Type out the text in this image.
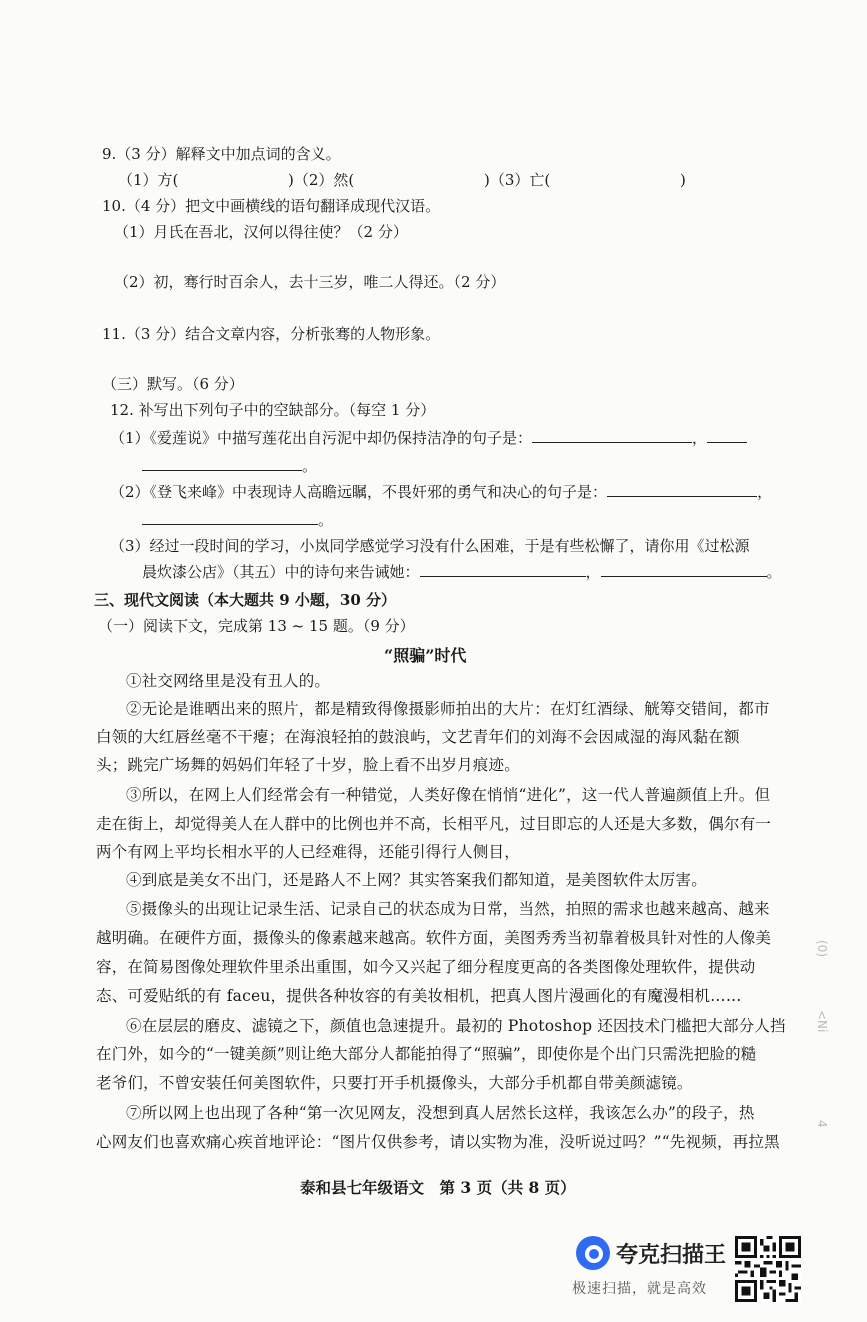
9.（3 分）解释文中加点词的含义。
（1）方(	)（2）然(	)（3）亡(	)
10.（4 分）把文中画横线的语句翻译成现代汉语。
（1）月氏在吾北，汉何以得往使？（2 分）
（2）初，骞行时百余人，去十三岁，唯二人得还。（2 分）
11.（3 分）结合文章内容，分析张骞的人物形象。
（三）默写。（6 分）
12. 补写出下列句子中的空缺部分。（每空 1 分）
（1）《爱莲说》中描写莲花出自污泥中却仍保持洁净的句子是：	，
。
（2）《登飞来峰》中表现诗人高瞻远瞩，不畏奸邪的勇气和决心的句子是：	，
。
（3）经过一段时间的学习，小岚同学感觉学习没有什么困难，于是有些松懈了，请你用《过松源
晨炊漆公店》（其五）中的诗句来告诫她：	，	。
三、现代文阅读（本大题共 9 小题，30 分）
（一）阅读下文，完成第 13 ~ 15 题。（9 分）
“照骗”时代
①社交网络里是没有丑人的。
②无论是谁晒出来的照片，都是精致得像摄影师拍出的大片：在灯红酒绿、觥筹交错间，都市
白领的大红唇丝毫不干瘪；在海浪轻拍的鼓浪屿，文艺青年们的刘海不会因咸湿的海风黏在额
头；跳完广场舞的妈妈们年轻了十岁，脸上看不出岁月痕迹。
③所以，在网上人们经常会有一种错觉，人类好像在悄悄“进化”，这一代人普遍颜值上升。但
走在街上，却觉得美人在人群中的比例也并不高，长相平凡，过目即忘的人还是大多数，偶尔有一
两个有网上平均长相水平的人已经难得，还能引得行人侧目，
④到底是美女不出门，还是路人不上网？其实答案我们都知道，是美图软件太厉害。
⑤摄像头的出现让记录生活、记录自己的状态成为日常，当然，拍照的需求也越来越高、越来
越明确。在硬件方面，摄像头的像素越来越高。软件方面，美图秀秀当初靠着极具针对性的人像美
容，在简易图像处理软件里杀出重围，如今又兴起了细分程度更高的各类图像处理软件，提供动
态、可爱贴纸的有 faceu，提供各种妆容的有美妆相机，把真人图片漫画化的有魔漫相机……
⑥在层层的磨皮、滤镜之下，颜值也急速提升。最初的 Photoshop 还因技术门槛把大部分人挡
在门外，如今的“一键美颜”则让绝大部分人都能拍得了“照骗”，即使你是个出门只需洗把脸的糙
老爷们，不曾安装任何美图软件，只要打开手机摄像头，大部分手机都自带美颜滤镜。
⑦所以网上也出现了各种“第一次见网友，没想到真人居然长这样，我该怎么办”的段子，热
心网友们也喜欢痛心疾首地评论：“图片仅供参考，请以实物为准，没听说过吗？”“先视频，再拉黑
泰和县七年级语文　第 3 页（共 8 页）
夸克扫描王
极速扫描，就是高效
(0)
<Ni
4
